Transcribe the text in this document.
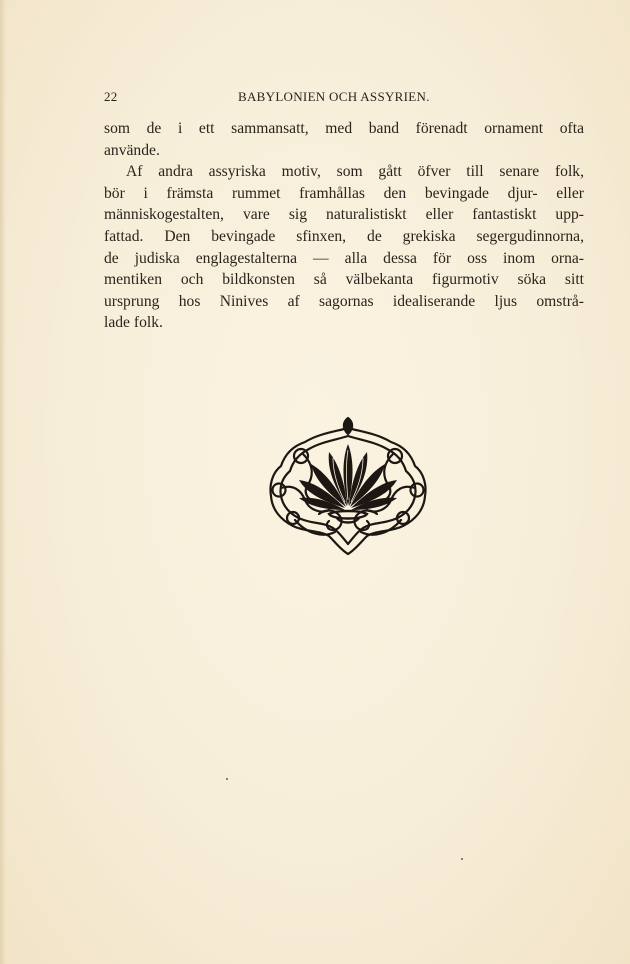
22	BABYLONIEN OCH ASSYRIEN.
som de i ett sammansatt, med band förenadt ornament ofta
använde.
Af andra assyriska motiv, som gått öfver till senare folk,
bör i främsta rummet framhållas den bevingade djur- eller
människogestalten, vare sig naturalistiskt eller fantastiskt upp-
fattad. Den bevingade sfinxen, de grekiska segergudinnorna,
de judiska englagestalterna — alla dessa för oss inom orna-
mentiken och bildkonsten så välbekanta figurmotiv söka sitt
ursprung hos Ninives af sagornas idealiserande ljus omstrå-
lade folk.
